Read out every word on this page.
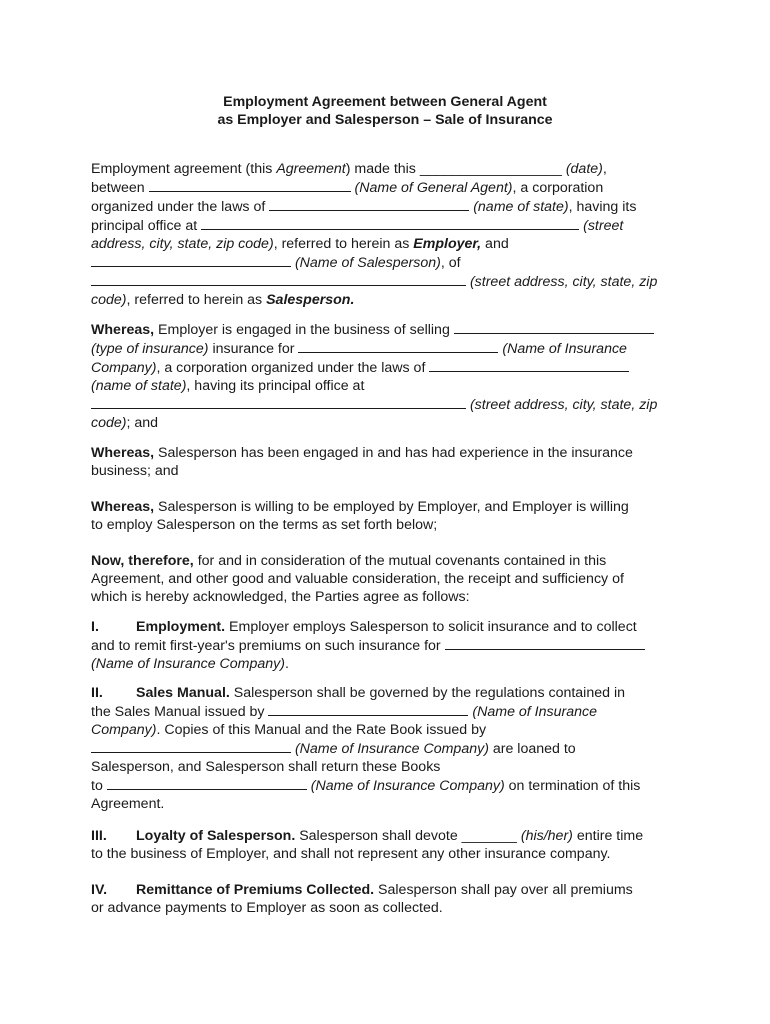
Employment Agreement between General Agent
as Employer and Salesperson – Sale of Insurance
Employment agreement (this Agreement) made this __________________ (date),
between	(Name of General Agent), a corporation
organized under the laws of	(name of state), having its
principal office at	(street
address, city, state, zip code), referred to herein as Employer, and
(Name of Salesperson), of
(street address, city, state, zip
code), referred to herein as Salesperson.
Whereas, Employer is engaged in the business of selling
(type of insurance) insurance for	(Name of Insurance
Company), a corporation organized under the laws of
(name of state), having its principal office at
(street address, city, state, zip
code); and
Whereas, Salesperson has been engaged in and has had experience in the insurance
business; and
Whereas, Salesperson is willing to be employed by Employer, and Employer is willing
to employ Salesperson on the terms as set forth below;
Now, therefore, for and in consideration of the mutual covenants contained in this
Agreement, and other good and valuable consideration, the receipt and sufficiency of
which is hereby acknowledged, the Parties agree as follows:
I.	Employment. Employer employs Salesperson to solicit insurance and to collect
and to remit first-year's premiums on such insurance for
(Name of Insurance Company).
II. Sales Manual. Salesperson shall be governed by the regulations contained in
the Sales Manual issued by	(Name of Insurance
Company). Copies of this Manual and the Rate Book issued by
(Name of Insurance Company) are loaned to
Salesperson, and Salesperson shall return these Books
to	(Name of Insurance Company) on termination of this
Agreement.
III. Loyalty of Salesperson. Salesperson shall devote _______ (his/her) entire time
to the business of Employer, and shall not represent any other insurance company.
IV. Remittance of Premiums Collected. Salesperson shall pay over all premiums
or advance payments to Employer as soon as collected.
